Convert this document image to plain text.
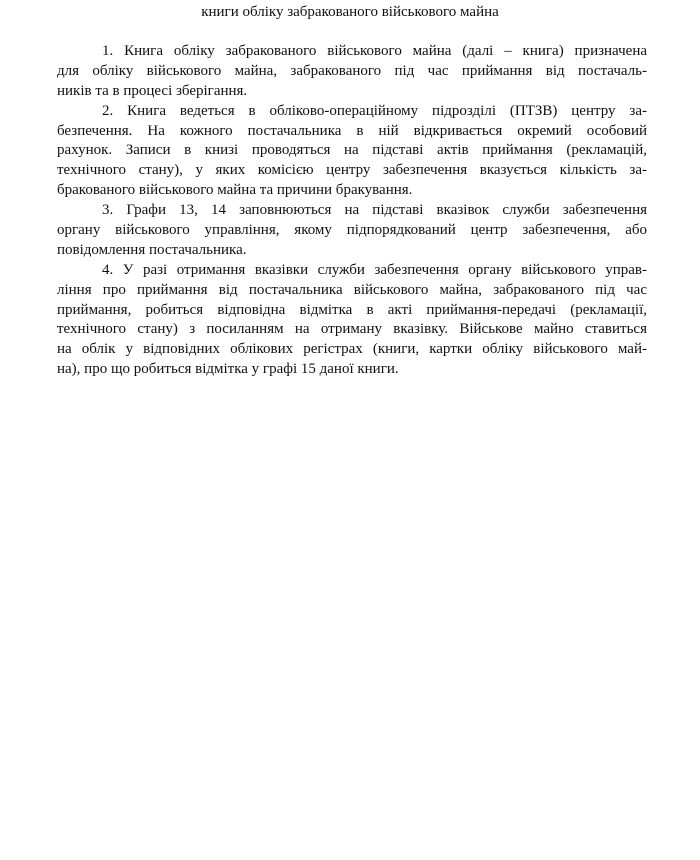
книги обліку забракованого військового майна
1. Книга обліку забракованого військового майна (далі – книга) призначена
для обліку військового майна, забракованого під час приймання від постачаль-
ників та в процесі зберігання.
2. Книга ведеться в обліково-операційному підрозділі (ПТЗВ) центру за-
безпечення. На кожного постачальника в ній відкривається окремий особовий
рахунок. Записи в книзі проводяться на підставі актів приймання (рекламацій,
технічного стану), у яких комісією центру забезпечення вказується кількість за-
бракованого військового майна та причини бракування.
3. Графи 13, 14 заповнюються на підставі вказівок служби забезпечення
органу військового управління, якому підпорядкований центр забезпечення, або
повідомлення постачальника.
4. У разі отримання вказівки служби забезпечення органу військового управ-
ління про приймання від постачальника військового майна, забракованого під час
приймання, робиться відповідна відмітка в акті приймання-передачі (рекламації,
технічного стану) з посиланням на отриману вказівку. Військове майно ставиться
на облік у відповідних облікових регістрах (книги, картки обліку військового май-
на), про що робиться відмітка у графі 15 даної книги.
